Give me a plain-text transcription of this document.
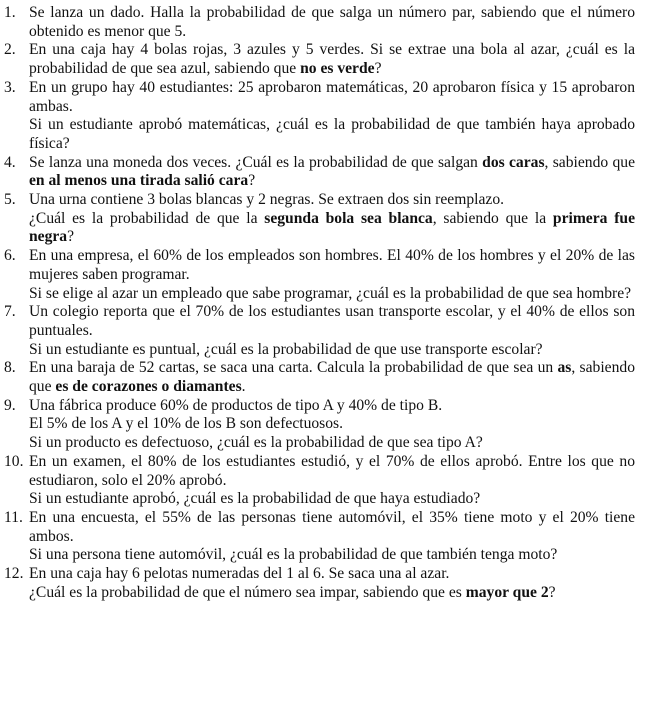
1. Se lanza un dado. Halla la probabilidad de que salga un número par, sabiendo que el número obtenido es menor que 5.
2. En una caja hay 4 bolas rojas, 3 azules y 5 verdes. Si se extrae una bola al azar, ¿cuál es la probabilidad de que sea azul, sabiendo que no es verde?
3. En un grupo hay 40 estudiantes: 25 aprobaron matemáticas, 20 aprobaron física y 15 aprobaron ambas.
Si un estudiante aprobó matemáticas, ¿cuál es la probabilidad de que también haya aprobado física?
4. Se lanza una moneda dos veces. ¿Cuál es la probabilidad de que salgan dos caras, sabiendo que en al menos una tirada salió cara?
5. Una urna contiene 3 bolas blancas y 2 negras. Se extraen dos sin reemplazo.
¿Cuál es la probabilidad de que la segunda bola sea blanca, sabiendo que la primera fue negra?
6. En una empresa, el 60% de los empleados son hombres. El 40% de los hombres y el 20% de las mujeres saben programar.
Si se elige al azar un empleado que sabe programar, ¿cuál es la probabilidad de que sea hombre?
7. Un colegio reporta que el 70% de los estudiantes usan transporte escolar, y el 40% de ellos son puntuales.
Si un estudiante es puntual, ¿cuál es la probabilidad de que use transporte escolar?
8. En una baraja de 52 cartas, se saca una carta. Calcula la probabilidad de que sea un as, sabiendo que es de corazones o diamantes.
9. Una fábrica produce 60% de productos de tipo A y 40% de tipo B.
El 5% de los A y el 10% de los B son defectuosos.
Si un producto es defectuoso, ¿cuál es la probabilidad de que sea tipo A?
10. En un examen, el 80% de los estudiantes estudió, y el 70% de ellos aprobó. Entre los que no estudiaron, solo el 20% aprobó.
Si un estudiante aprobó, ¿cuál es la probabilidad de que haya estudiado?
11. En una encuesta, el 55% de las personas tiene automóvil, el 35% tiene moto y el 20% tiene ambos.
Si una persona tiene automóvil, ¿cuál es la probabilidad de que también tenga moto?
12. En una caja hay 6 pelotas numeradas del 1 al 6. Se saca una al azar.
¿Cuál es la probabilidad de que el número sea impar, sabiendo que es mayor que 2?
